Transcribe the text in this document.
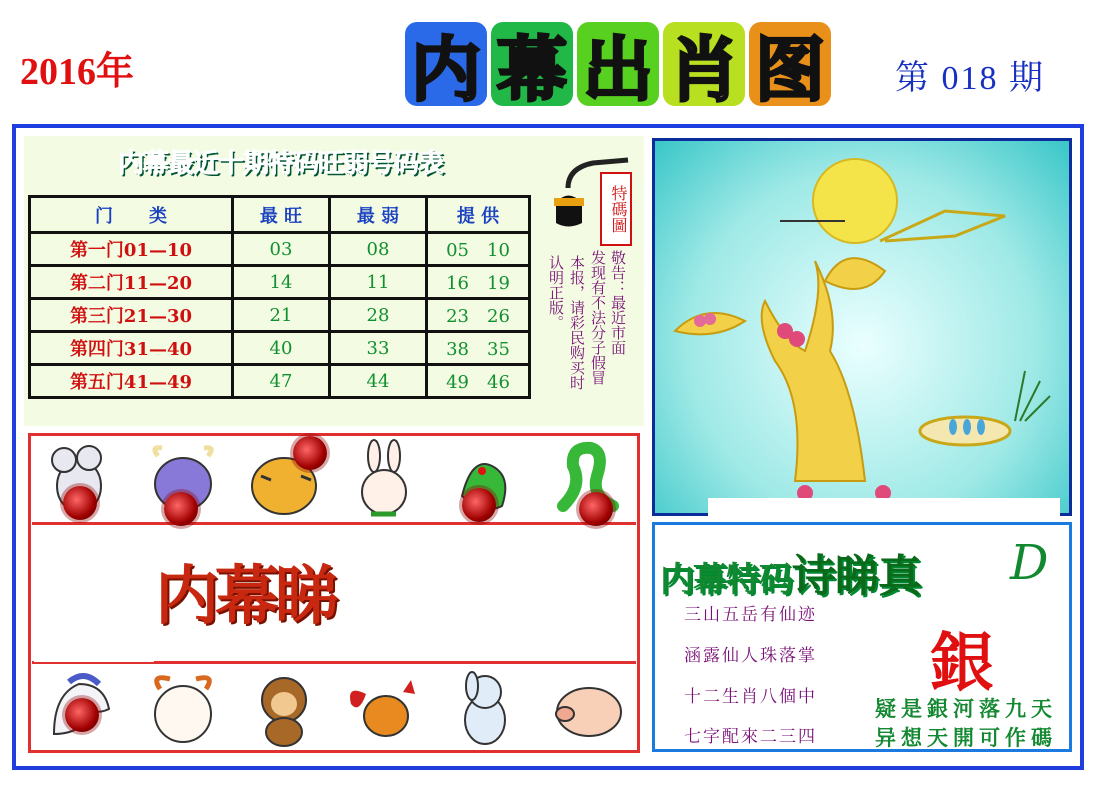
2016年	内 幕 出 肖 图 第 018 期
内幕最近十期特码旺弱号码表
门　　类	最 旺	最 弱	提 供
第一门01—10	03	08	05　10
第二门11—20	14	11	16　19
第三门21—30	21	28	23　26
第四门31—40	40	33	38　35
第五门41—49	47	44	49　46
特碼圖
敬告：最近市面
发现有不法分子假冒
本报，请彩民购买时
认明正版。
内幕睇	内幕特码诗睇真 D
三山五岳有仙迹
涵露仙人珠落掌
十二生肖八個中
七字配來二三四
銀
疑是銀河落九天
异想天開可作碼
